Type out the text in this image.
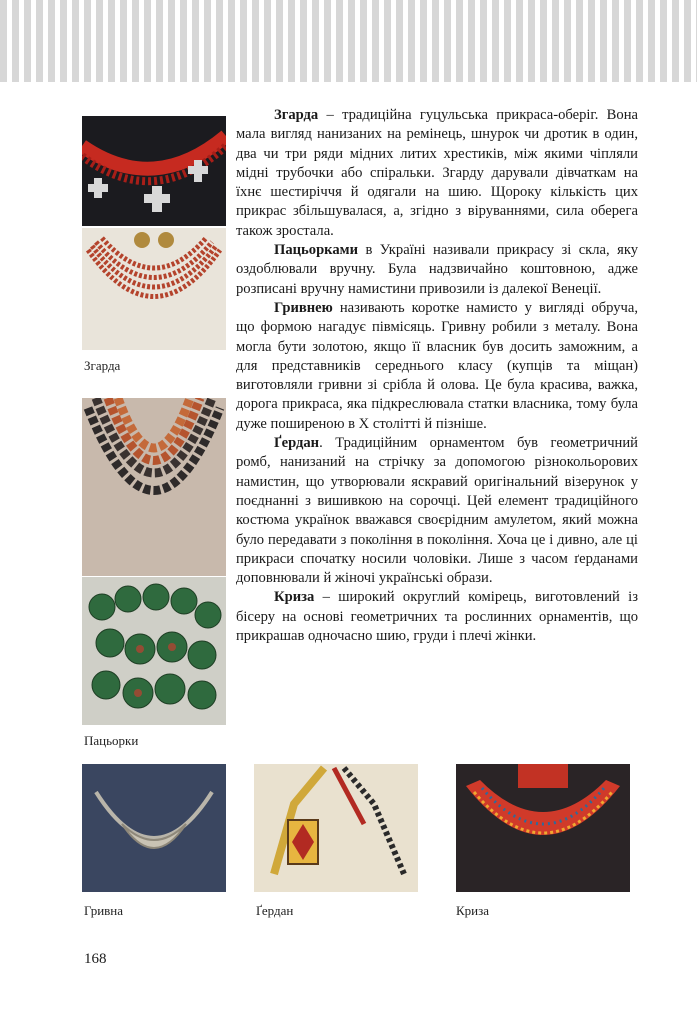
Згарда
Пацьорки

Згарда – традиційна гуцульська прикраса-оберіг. Вона мала вигляд нанизаних на ремінець, шнурок чи дротик в один, два чи три ряди мідних литих хрестиків, між якими чіпляли мідні трубочки або спіральки. Згарду дарували дівчаткам на їхнє шестиріччя й одягали на шию. Щороку кількість цих прикрас збільшувалася, а, згідно з віруваннями, сила оберега також зростала.

Пацьорками в Україні називали прикрасу зі скла, яку оздоблювали вручну. Була надзвичайно коштовною, адже розписані вручну намистини привозили із далекої Венеції.

Гривнею називають коротке намисто у вигляді обруча, що формою нагадує півмісяць. Гривну робили з металу. Вона могла бути золотою, якщо її власник був досить заможним, а для представників середнього класу (купців та міщан) виготовляли гривни зі срібла й олова. Це була красива, важка, дорога прикраса, яка підкреслювала статки власника, тому була дуже поширеною в Х столітті й пізніше.

Ґердан. Традиційним орнаментом був геометричний ромб, нанизаний на стрічку за допомогою різнокольорових намистин, що утворювали яскравий оригінальний візерунок у поєднанні з вишивкою на сорочці. Цей елемент традиційного костюма українок вважався своєрідним амулетом, який можна було передавати з покоління в покоління. Хоча це і дивно, але ці прикраси спочатку носили чоловіки. Лише з часом ґерданами доповнювали й жіночі українські образи.

Криза – широкий округлий комірець, виготовлений із бісеру на основі геометричних та рослинних орнаментів, що прикрашав одночасно шию, груди і плечі жінки.

Гривна	Ґердан	Криза
168
